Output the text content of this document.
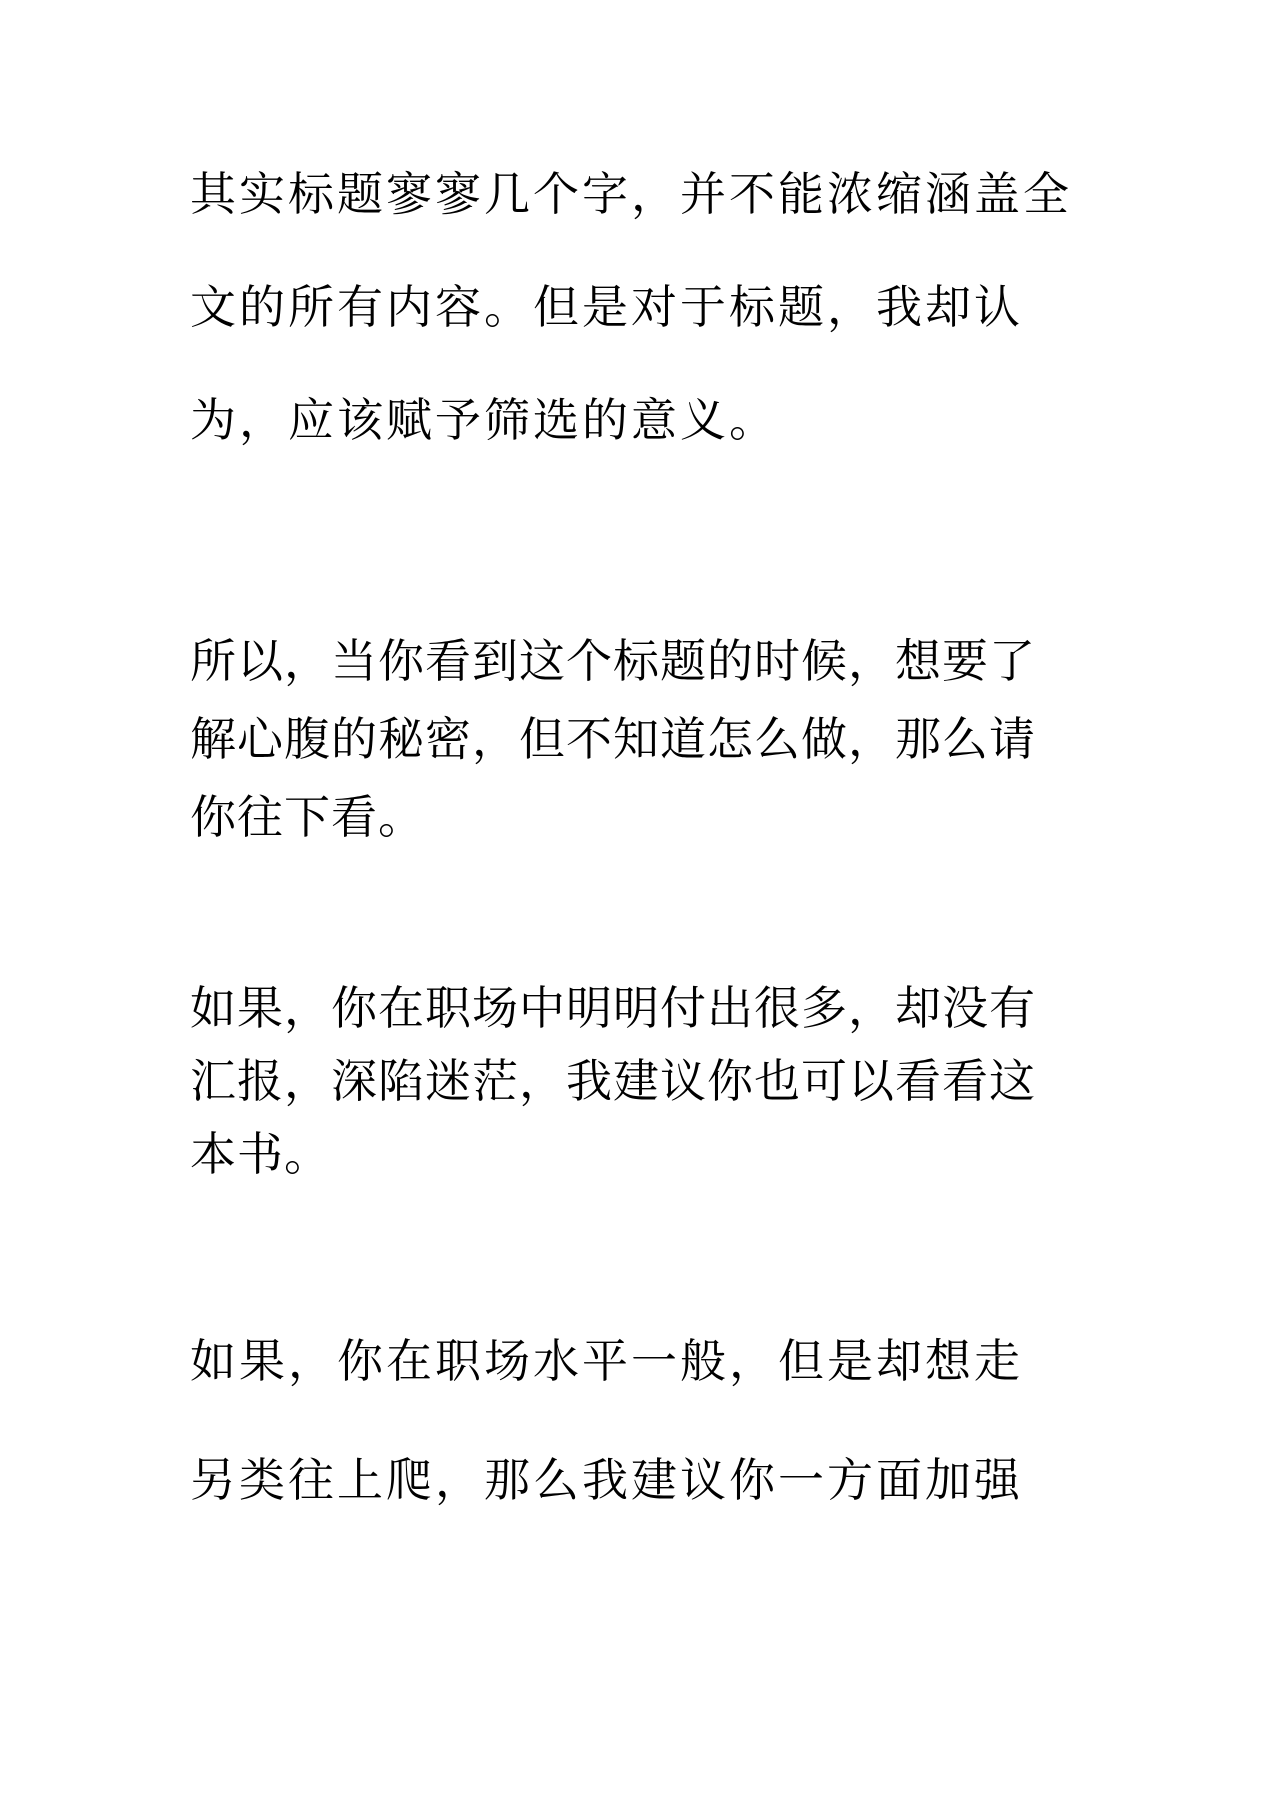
其实标题寥寥几个字，并不能浓缩涵盖全

文的所有内容。但是对于标题，我却认

为，应该赋予筛选的意义。

所以，当你看到这个标题的时候，想要了

解心腹的秘密，但不知道怎么做，那么请

你往下看。

如果，你在职场中明明付出很多，却没有

汇报，深陷迷茫，我建议你也可以看看这

本书。

如果，你在职场水平一般，但是却想走

另类往上爬，那么我建议你一方面加强
